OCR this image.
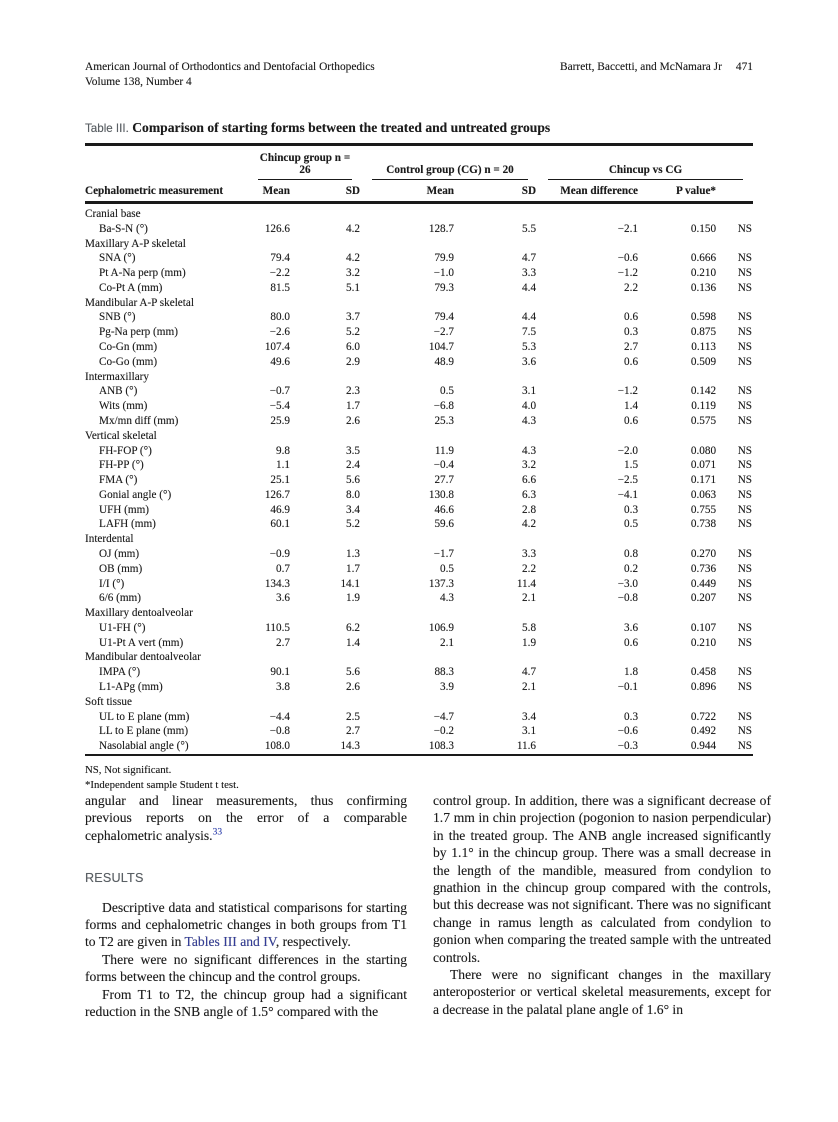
American Journal of Orthodontics and Dentofacial Orthopedics
Volume 138, Number 4
Barrett, Baccetti, and McNamara Jr 471
Table III. Comparison of starting forms between the treated and untreated groups

	Chincup group n = 26		Control group (CG) n = 20		Chincup vs CG		

Cephalometric measurement	Mean	SD	Mean	SD	Mean difference	P value*	
Cranial base							
Ba-S-N (°)	126.6	4.2	128.7	5.5	−2.1	0.150	NS
Maxillary A-P skeletal							
SNA (°)	79.4	4.2	79.9	4.7	−0.6	0.666	NS
Pt A-Na perp (mm)	−2.2	3.2	−1.0	3.3	−1.2	0.210	NS
Co-Pt A (mm)	81.5	5.1	79.3	4.4	2.2	0.136	NS
Mandibular A-P skeletal							
SNB (°)	80.0	3.7	79.4	4.4	0.6	0.598	NS
Pg-Na perp (mm)	−2.6	5.2	−2.7	7.5	0.3	0.875	NS
Co-Gn (mm)	107.4	6.0	104.7	5.3	2.7	0.113	NS
Co-Go (mm)	49.6	2.9	48.9	3.6	0.6	0.509	NS
Intermaxillary							
ANB (°)	−0.7	2.3	0.5	3.1	−1.2	0.142	NS
Wits (mm)	−5.4	1.7	−6.8	4.0	1.4	0.119	NS
Mx/mn diff (mm)	25.9	2.6	25.3	4.3	0.6	0.575	NS
Vertical skeletal							
FH-FOP (°)	9.8	3.5	11.9	4.3	−2.0	0.080	NS
FH-PP (°)	1.1	2.4	−0.4	3.2	1.5	0.071	NS
FMA (°)	25.1	5.6	27.7	6.6	−2.5	0.171	NS
Gonial angle (°)	126.7	8.0	130.8	6.3	−4.1	0.063	NS
UFH (mm)	46.9	3.4	46.6	2.8	0.3	0.755	NS
LAFH (mm)	60.1	5.2	59.6	4.2	0.5	0.738	NS
Interdental							
OJ (mm)	−0.9	1.3	−1.7	3.3	0.8	0.270	NS
OB (mm)	0.7	1.7	0.5	2.2	0.2	0.736	NS
I/I (°)	134.3	14.1	137.3	11.4	−3.0	0.449	NS
6/6 (mm)	3.6	1.9	4.3	2.1	−0.8	0.207	NS
Maxillary dentoalveolar							
U1-FH (°)	110.5	6.2	106.9	5.8	3.6	0.107	NS
U1-Pt A vert (mm)	2.7	1.4	2.1	1.9	0.6	0.210	NS
Mandibular dentoalveolar							
IMPA (°)	90.1	5.6	88.3	4.7	1.8	0.458	NS
L1-APg (mm)	3.8	2.6	3.9	2.1	−0.1	0.896	NS
Soft tissue							
UL to E plane (mm)	−4.4	2.5	−4.7	3.4	0.3	0.722	NS
LL to E plane (mm)	−0.8	2.7	−0.2	3.1	−0.6	0.492	NS
Nasolabial angle (°)	108.0	14.3	108.3	11.6	−0.3	0.944	NS
NS, Not significant.
*Independent sample Student t test.

angular and linear measurements, thus confirming previous reports on the error of a comparable cephalometric analysis.$^{33}$

RESULTS

Descriptive data and statistical comparisons for starting forms and cephalometric changes in both groups from T1 to T2 are given in Tables III and IV, respectively.

There were no significant differences in the starting forms between the chincup and the control groups.

From T1 to T2, the chincup group had a significant reduction in the SNB angle of 1.5° compared with the

control group. In addition, there was a significant decrease of 1.7 mm in chin projection (pogonion to nasion perpendicular) in the treated group. The ANB angle increased significantly by 1.1° in the chincup group. There was a small decrease in the length of the mandible, measured from condylion to gnathion in the chincup group compared with the controls, but this decrease was not significant. There was no significant change in ramus length as calculated from condylion to gonion when comparing the treated sample with the untreated controls.

There were no significant changes in the maxillary anteroposterior or vertical skeletal measurements, except for a decrease in the palatal plane angle of 1.6° in
